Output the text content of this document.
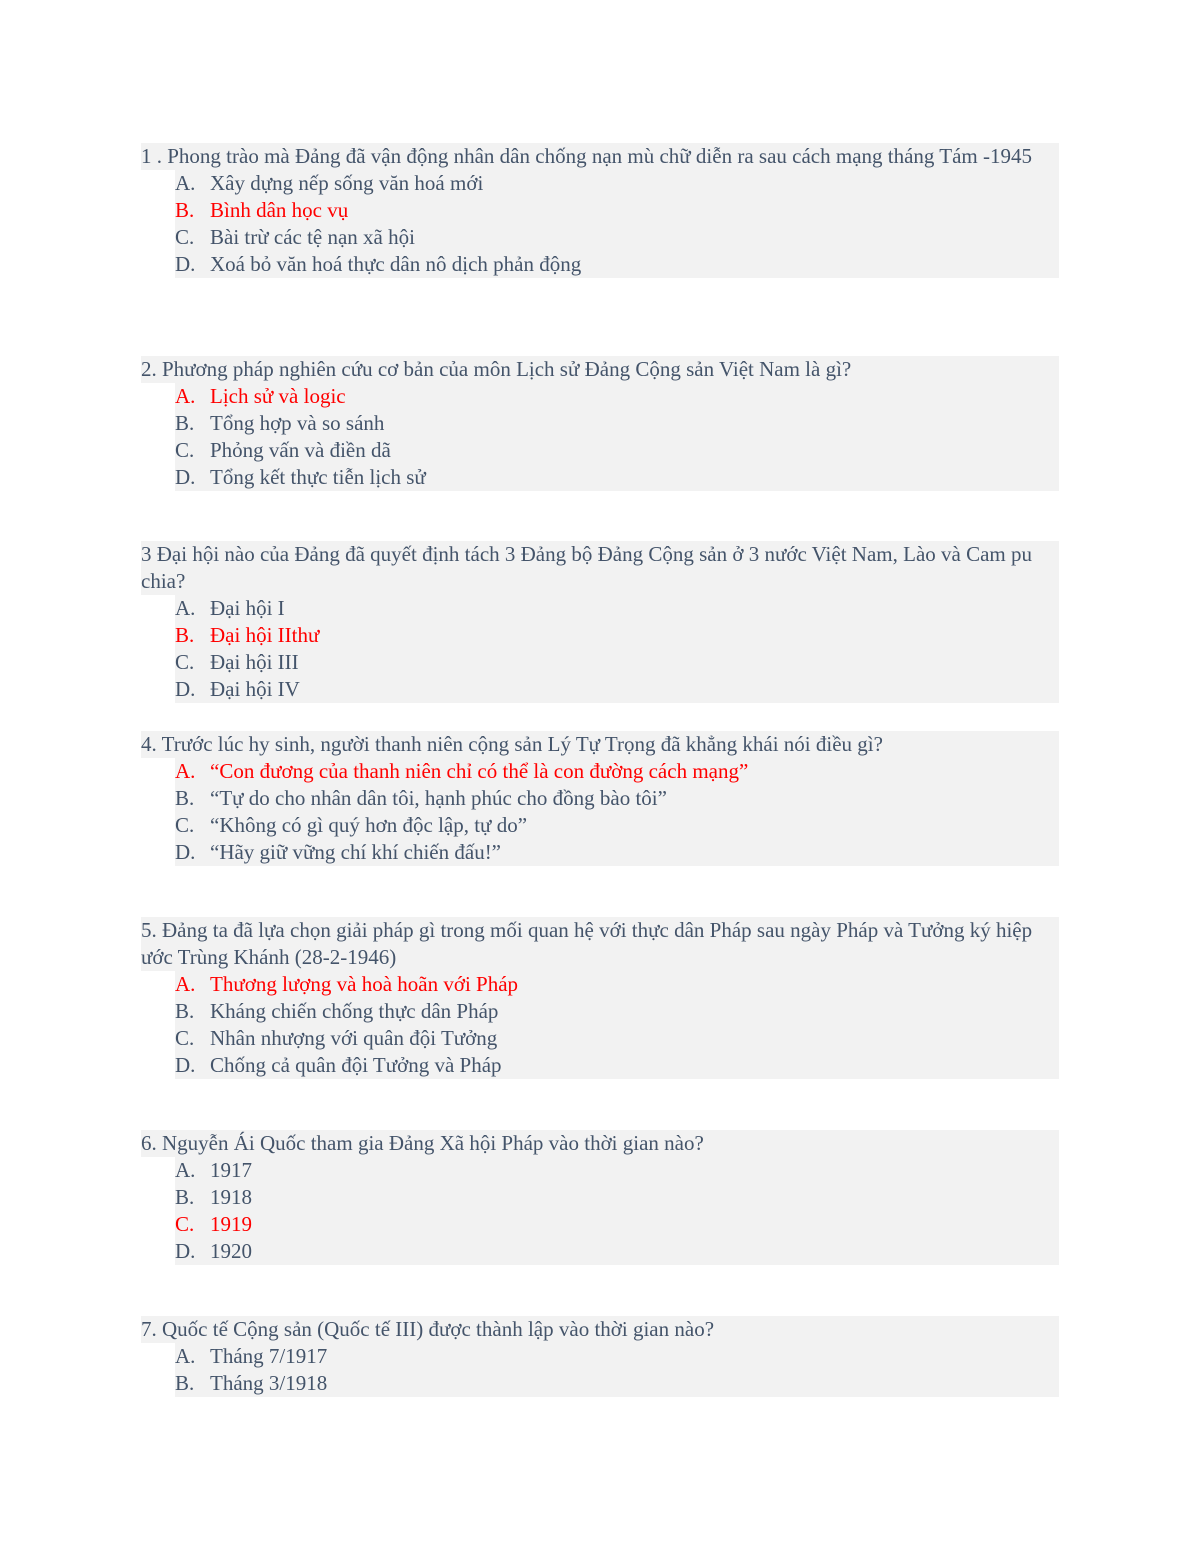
1 . Phong trào mà Đảng đã vận động nhân dân chống nạn mù chữ diễn ra sau cách mạng tháng Tám -1945

A. Xây dựng nếp sống văn hoá mới
B. Bình dân học vụ
C. Bài trừ các tệ nạn xã hội
D. Xoá bỏ văn hoá thực dân nô dịch phản động

2. Phương pháp nghiên cứu cơ bản của môn Lịch sử Đảng Cộng sản Việt Nam là gì?

A. Lịch sử và logic
B. Tổng hợp và so sánh
C. Phỏng vấn và điền dã
D. Tổng kết thực tiễn lịch sử

3 Đại hội nào của Đảng đã quyết định tách 3 Đảng bộ Đảng Cộng sản ở 3 nước Việt Nam, Lào và Cam pu chia?

A. Đại hội I
B. Đại hội IIthư
C. Đại hội III
D. Đại hội IV

4. Trước lúc hy sinh, người thanh niên cộng sản Lý Tự Trọng đã khẳng khái nói điều gì?

A. “Con đương của thanh niên chỉ có thể là con đường cách mạng”
B. “Tự do cho nhân dân tôi, hạnh phúc cho đồng bào tôi”
C. “Không có gì quý hơn độc lập, tự do”
D. “Hãy giữ vững chí khí chiến đấu!”

5. Đảng ta đã lựa chọn giải pháp gì trong mối quan hệ với thực dân Pháp sau ngày Pháp và Tưởng ký hiệp ước Trùng Khánh (28-2-1946)

A. Thương lượng và hoà hoãn với Pháp
B. Kháng chiến chống thực dân Pháp
C. Nhân nhượng với quân đội Tưởng
D. Chống cả quân đội Tưởng và Pháp

6. Nguyễn Ái Quốc tham gia Đảng Xã hội Pháp vào thời gian nào?

A. 1917
B. 1918
C. 1919
D. 1920

7. Quốc tế Cộng sản (Quốc tế III) được thành lập vào thời gian nào?

A. Tháng 7/1917
B. Tháng 3/1918
